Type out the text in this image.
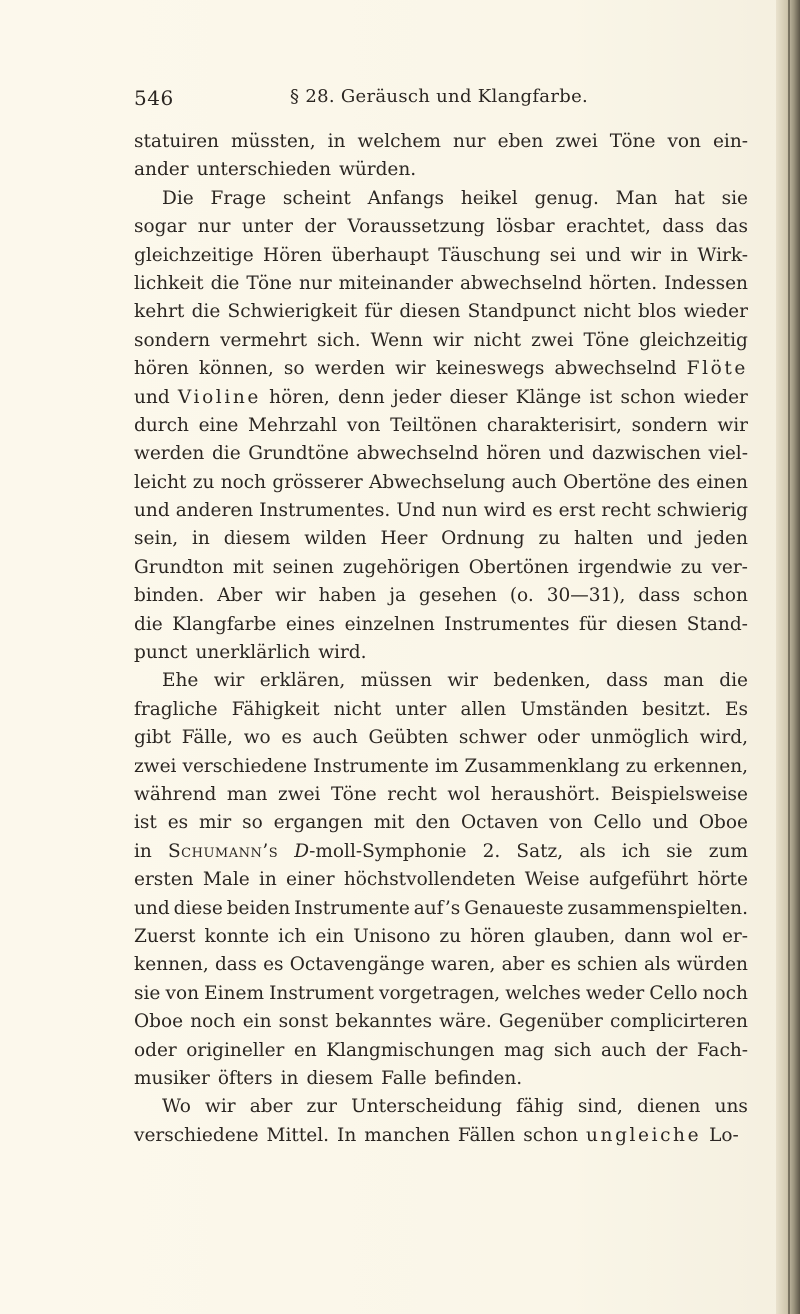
546	§ 28. Geräusch und Klangfarbe.
statuiren müssten, in welchem nur eben zwei Töne von ein-
ander unterschieden würden.
Die Frage scheint Anfangs heikel genug. Man hat sie
sogar nur unter der Voraussetzung lösbar erachtet, dass das
gleichzeitige Hören überhaupt Täuschung sei und wir in Wirk-
lichkeit die Töne nur miteinander abwechselnd hörten. Indessen
kehrt die Schwierigkeit für diesen Standpunct nicht blos wieder
sondern vermehrt sich. Wenn wir nicht zwei Töne gleichzeitig
hören können, so werden wir keineswegs abwechselnd Flöte
und Violine hören, denn jeder dieser Klänge ist schon wieder
durch eine Mehrzahl von Teiltönen charakterisirt, sondern wir
werden die Grundtöne abwechselnd hören und dazwischen viel-
leicht zu noch grösserer Abwechselung auch Obertöne des einen
und anderen Instrumentes. Und nun wird es erst recht schwierig
sein, in diesem wilden Heer Ordnung zu halten und jeden
Grundton mit seinen zugehörigen Obertönen irgendwie zu ver-
binden. Aber wir haben ja gesehen (o. 30—31), dass schon
die Klangfarbe eines einzelnen Instrumentes für diesen Stand-
punct unerklärlich wird.
Ehe wir erklären, müssen wir bedenken, dass man die
fragliche Fähigkeit nicht unter allen Umständen besitzt. Es
gibt Fälle, wo es auch Geübten schwer oder unmöglich wird,
zwei verschiedene Instrumente im Zusammenklang zu erkennen,
während man zwei Töne recht wol heraushört. Beispielsweise
ist es mir so ergangen mit den Octaven von Cello und Oboe
in Schumann’s D-moll-Symphonie 2. Satz, als ich sie zum
ersten Male in einer höchstvollendeten Weise aufgeführt hörte
und diese beiden Instrumente auf’s Genaueste zusammenspielten.
Zuerst konnte ich ein Unisono zu hören glauben, dann wol er-
kennen, dass es Octavengänge waren, aber es schien als würden
sie von Einem Instrument vorgetragen, welches weder Cello noch
Oboe noch ein sonst bekanntes wäre. Gegenüber complicirteren
oder origineller en Klangmischungen mag sich auch der Fach-
musiker öfters in diesem Falle befinden.
Wo wir aber zur Unterscheidung fähig sind, dienen uns
verschiedene Mittel. In manchen Fällen schon ungleiche Lo-
